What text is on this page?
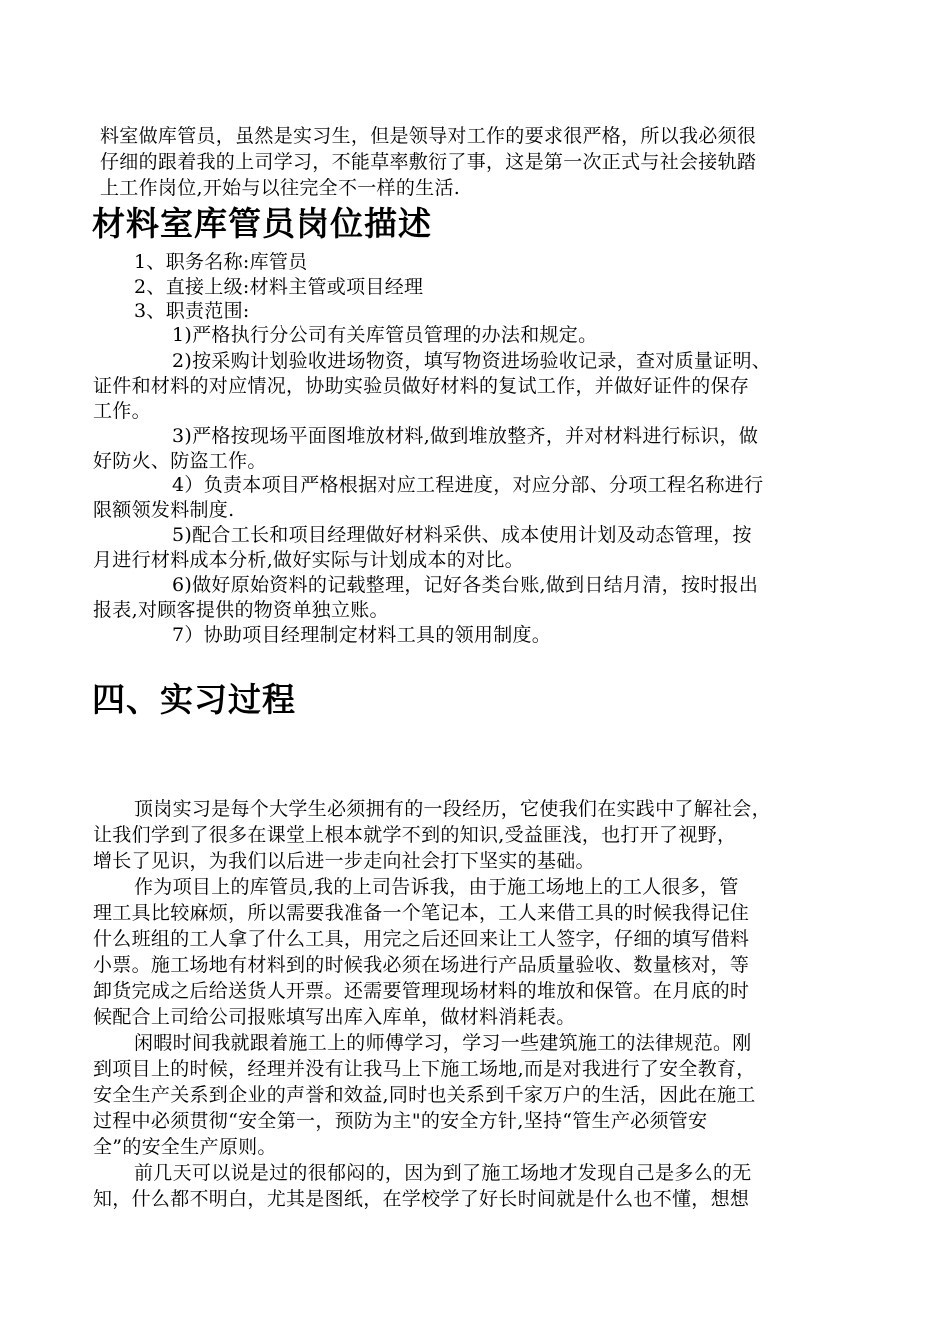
料室做库管员，虽然是实习生，但是领导对工作的要求很严格，所以我必须很
仔细的跟着我的上司学习，不能草率敷衍了事，这是第一次正式与社会接轨踏
上工作岗位,开始与以往完全不一样的生活.
材料室库管员岗位描述
1、职务名称:库管员
2、直接上级:材料主管或项目经理
3、职责范围:
1)严格执行分公司有关库管员管理的办法和规定。
2)按采购计划验收进场物资，填写物资进场验收记录，查对质量证明、
证件和材料的对应情况，协助实验员做好材料的复试工作，并做好证件的保存
工作。
3)严格按现场平面图堆放材料,做到堆放整齐，并对材料进行标识，做
好防火、防盗工作。
4）负责本项目严格根据对应工程进度，对应分部、分项工程名称进行
限额领发料制度.
5)配合工长和项目经理做好材料采供、成本使用计划及动态管理，按
月进行材料成本分析,做好实际与计划成本的对比。
6)做好原始资料的记载整理，记好各类台账,做到日结月清，按时报出
报表,对顾客提供的物资单独立账。
7）协助项目经理制定材料工具的领用制度。
四、实习过程
顶岗实习是每个大学生必须拥有的一段经历，它使我们在实践中了解社会，
让我们学到了很多在课堂上根本就学不到的知识,受益匪浅，也打开了视野，
增长了见识，为我们以后进一步走向社会打下坚实的基础。
作为项目上的库管员,我的上司告诉我，由于施工场地上的工人很多，管
理工具比较麻烦，所以需要我准备一个笔记本，工人来借工具的时候我得记住
什么班组的工人拿了什么工具，用完之后还回来让工人签字，仔细的填写借料
小票。施工场地有材料到的时候我必须在场进行产品质量验收、数量核对，等
卸货完成之后给送货人开票。还需要管理现场材料的堆放和保管。在月底的时
候配合上司给公司报账填写出库入库单，做材料消耗表。
闲暇时间我就跟着施工上的师傅学习，学习一些建筑施工的法律规范。刚
到项目上的时候，经理并没有让我马上下施工场地,而是对我进行了安全教育，
安全生产关系到企业的声誉和效益,同时也关系到千家万户的生活，因此在施工
过程中必须贯彻“安全第一，预防为主"的安全方针,坚持“管生产必须管安
全”的安全生产原则。
前几天可以说是过的很郁闷的，因为到了施工场地才发现自己是多么的无
知，什么都不明白，尤其是图纸，在学校学了好长时间就是什么也不懂，想想
